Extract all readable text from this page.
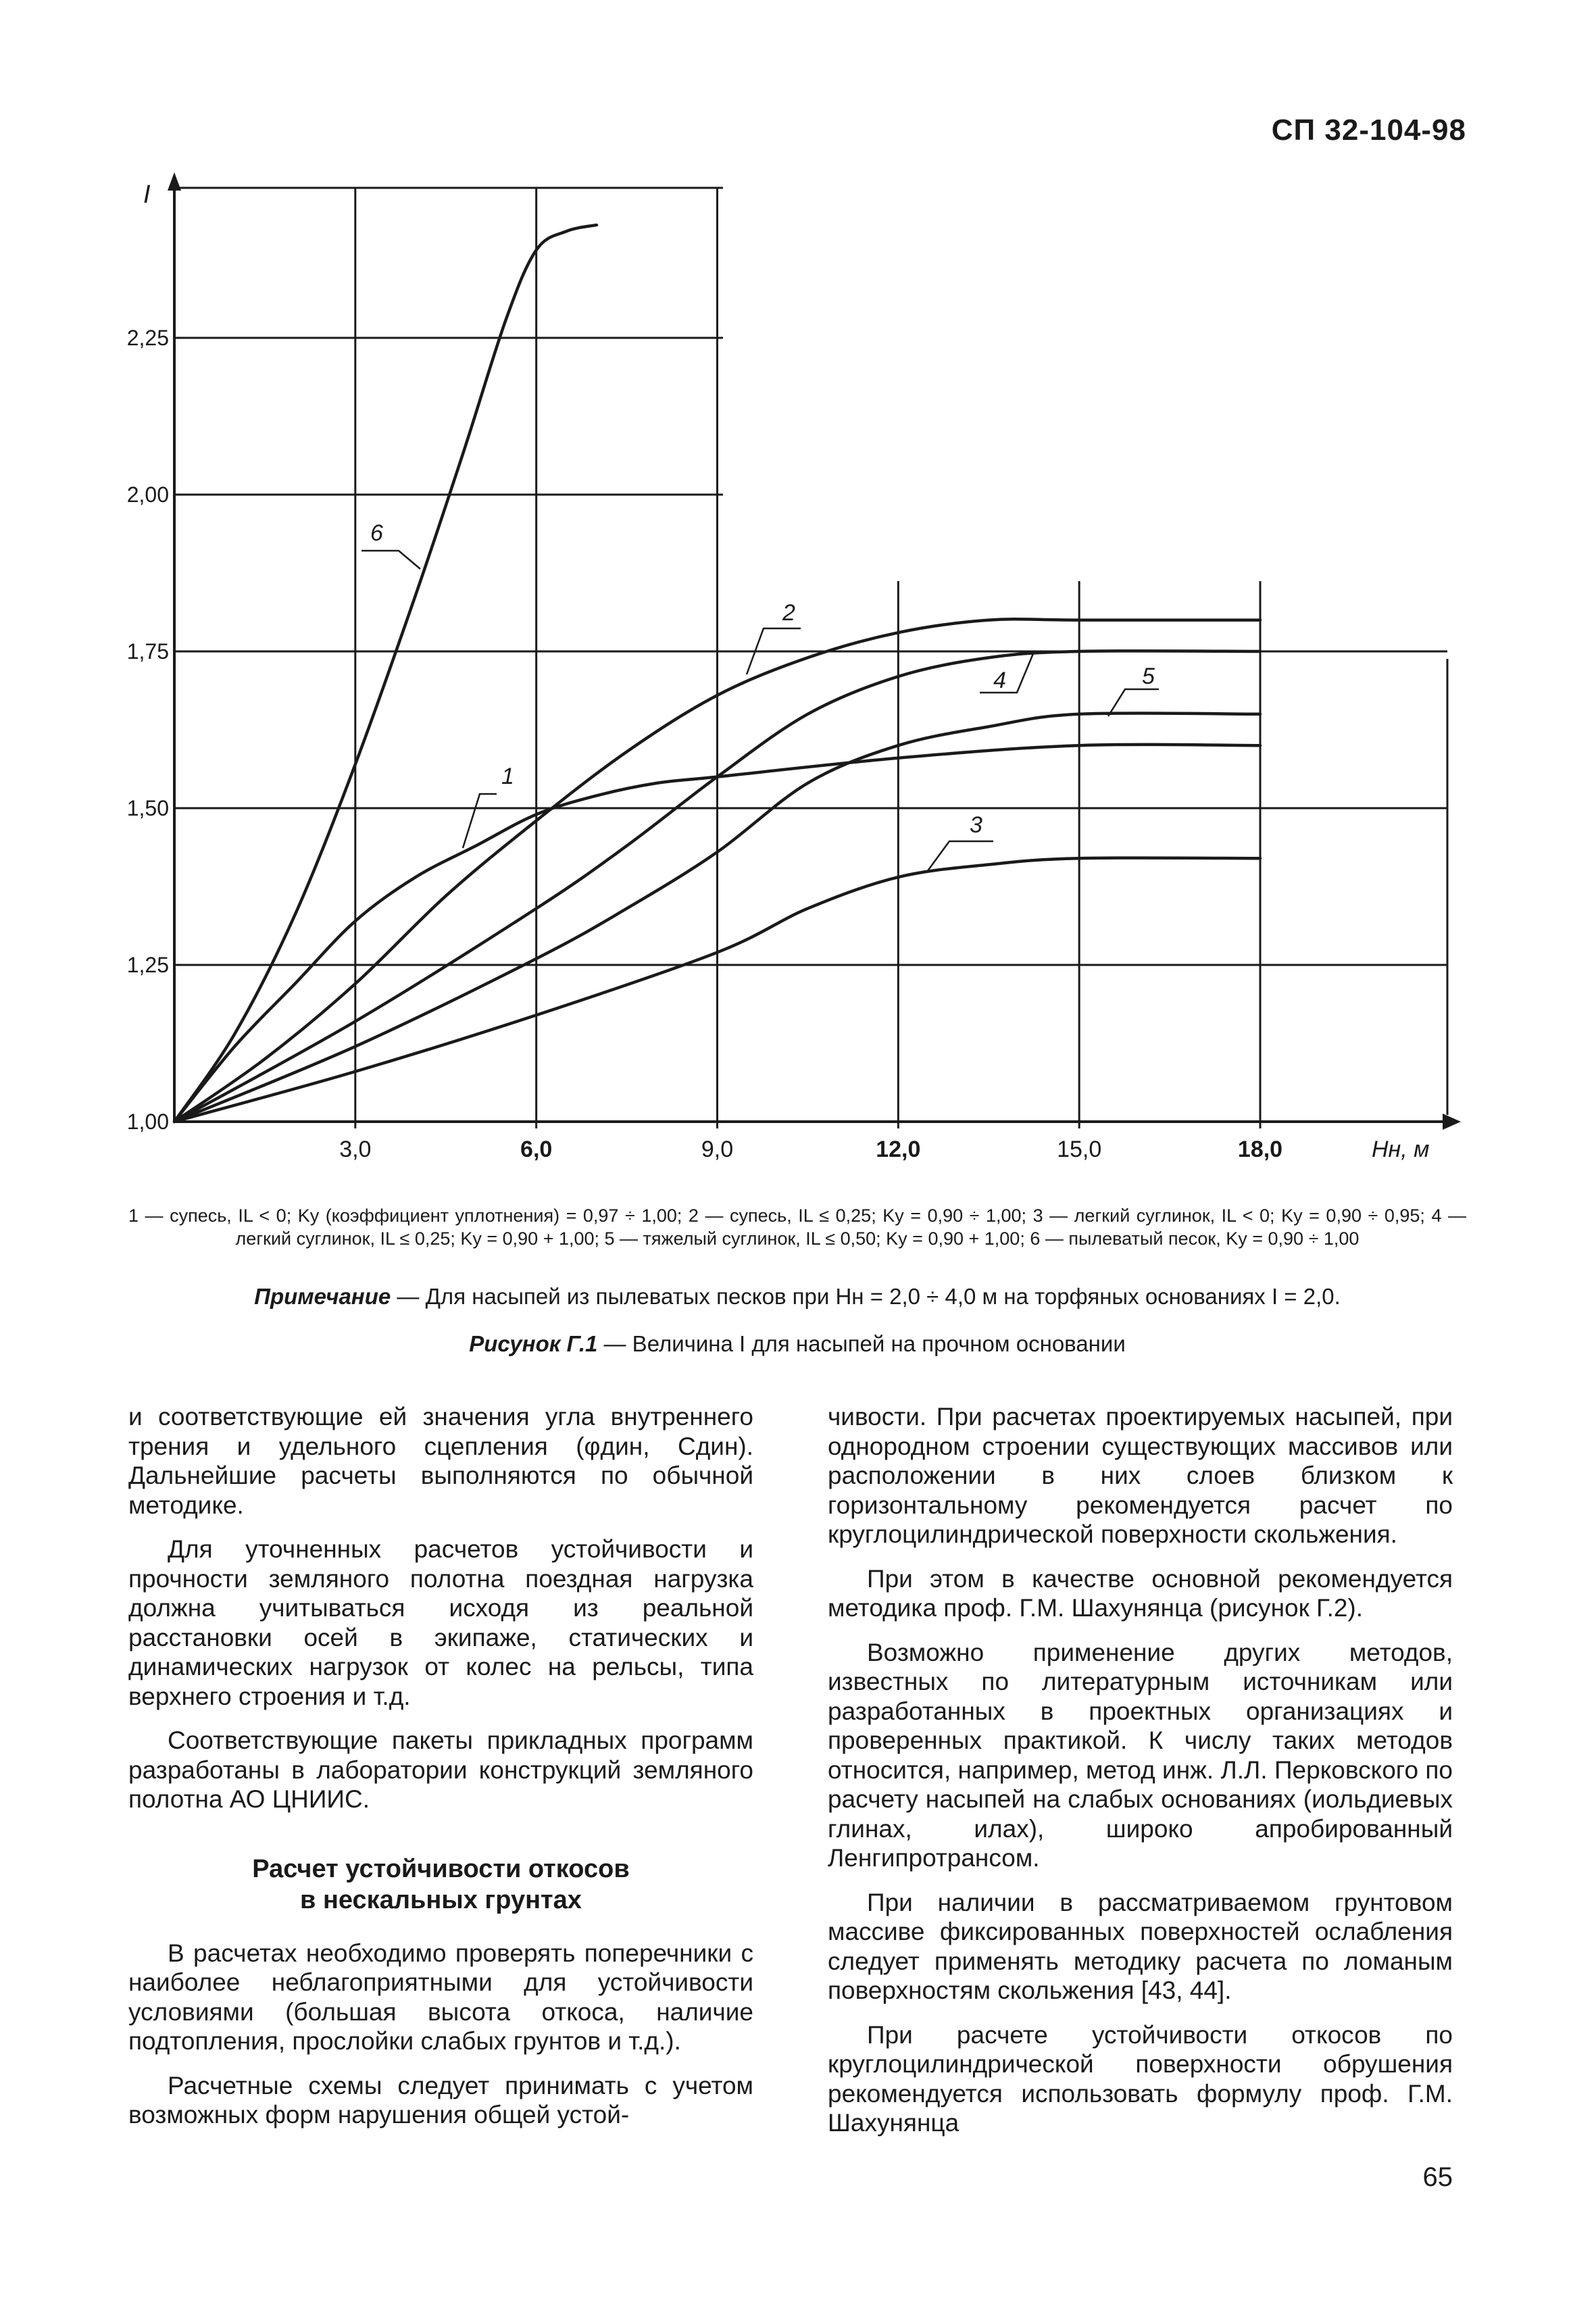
СП 32-104-98
1,00
1,25
1,50
1,75
2,00
2,25
3,0	6,0	9,0	12,0	15,0	18,0
I
Нн, м
1
2
3
4	5
6
1 — супесь, IL < 0; Ky (коэффициент уплотнения) = 0,97 ÷ 1,00; 2 — супесь, IL ≤ 0,25; Ky = 0,90 ÷ 1,00; 3 — легкий суглинок, IL < 0; Ky = 0,90 ÷ 0,95; 4 — легкий суглинок, IL ≤ 0,25; Ky = 0,90 + 1,00; 5 — тяжелый суглинок, IL ≤ 0,50; Ky = 0,90 + 1,00; 6 — пылеватый песок, Ky = 0,90 ÷ 1,00
Примечание — Для насыпей из пылеватых песков при Hн = 2,0 ÷ 4,0 м на торфяных основаниях I = 2,0.
Рисунок Г.1 — Величина I для насыпей на прочном основании

и соответствующие ей значения угла внутреннего трения и удельного сцепления (φдин, Сдин). Дальнейшие расчеты выполняются по обычной методике.

Для уточненных расчетов устойчивости и прочности земляного полотна поездная нагрузка должна учитываться исходя из реальной расстановки осей в экипаже, статических и динамических нагрузок от колес на рельсы, типа верхнего строения и т.д.

Соответствующие пакеты прикладных программ разработаны в лаборатории конструкций земляного полотна АО ЦНИИС.

Расчет устойчивости откосов
в нескальных грунтах

В расчетах необходимо проверять поперечники с наиболее неблагоприятными для устойчивости условиями (большая высота откоса, наличие подтопления, прослойки слабых грунтов и т.д.).

Расчетные схемы следует принимать с учетом возможных форм нарушения общей устой-

чивости. При расчетах проектируемых насыпей, при однородном строении существующих массивов или расположении в них слоев близком к горизонтальному рекомендуется расчет по круглоцилиндрической поверхности скольжения.

При этом в качестве основной рекомендуется методика проф. Г.М. Шахунянца (рисунок Г.2).

Возможно применение других методов, известных по литературным источникам или разработанных в проектных организациях и проверенных практикой. К числу таких методов относится, например, метод инж. Л.Л. Перковского по расчету насыпей на слабых основаниях (иольдиевых глинах, илах), широко апробированный Ленгипротрансом.

При наличии в рассматриваемом грунтовом массиве фиксированных поверхностей ослабления следует применять методику расчета по ломаным поверхностям скольжения [43, 44].

При расчете устойчивости откосов по круглоцилиндрической поверхности обрушения рекомендуется использовать формулу проф. Г.М. Шахунянца

65
